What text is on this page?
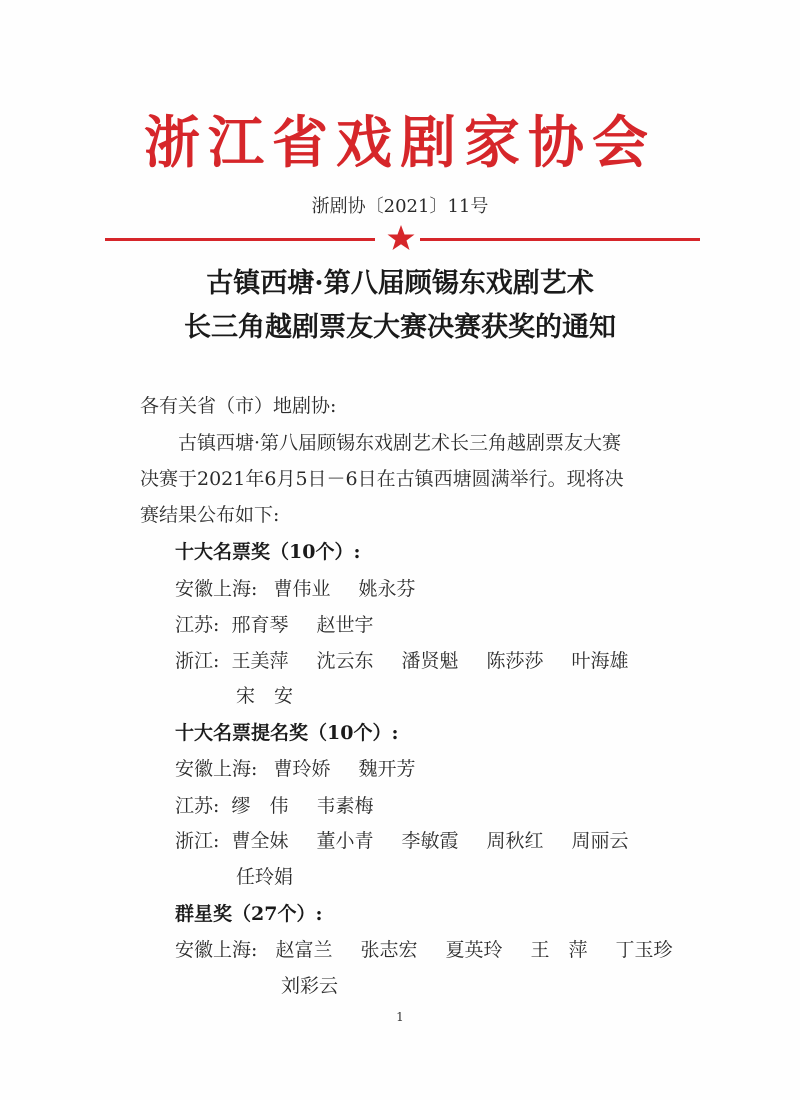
浙江省戏剧家协会
浙剧协〔2021〕11号
古镇西塘·第八届顾锡东戏剧艺术
长三角越剧票友大赛决赛获奖的通知
各有关省（市）地剧协:
古镇西塘·第八届顾锡东戏剧艺术长三角越剧票友大赛
决赛于2021年6月5日－6日在古镇西塘圆满举行。现将决
赛结果公布如下:
十大名票奖（10个）:
安徽上海: 曹伟业 姚永芬
江苏: 邢育琴 赵世宇
浙江: 王美萍 沈云东 潘贤魁 陈莎莎 叶海雄
宋　安
十大名票提名奖（10个）:
安徽上海: 曹玲娇 魏开芳
江苏: 缪　伟 韦素梅
浙江: 曹全妹 董小青 李敏霞 周秋红 周丽云
任玲娟
群星奖（27个）:
安徽上海: 赵富兰 张志宏 夏英玲 王　萍 丁玉珍
刘彩云
1
